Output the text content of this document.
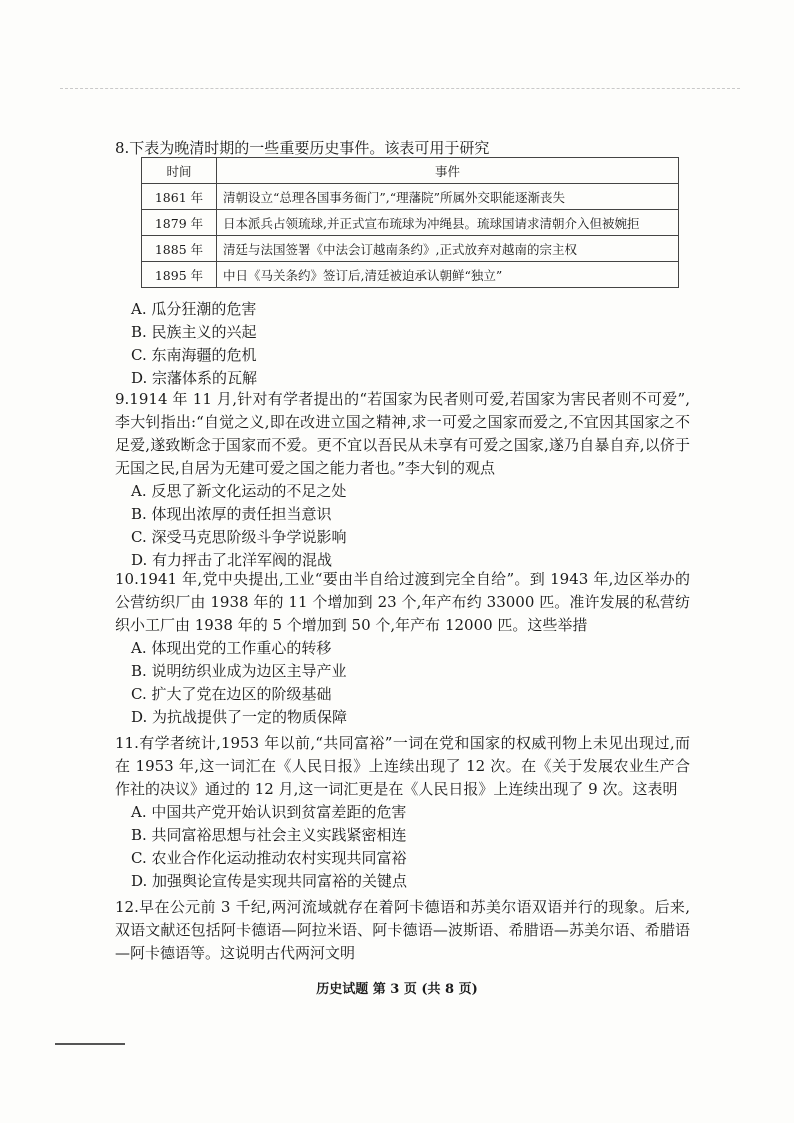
8.下表为晚清时期的一些重要历史事件。该表可用于研究

时间	事件
1861 年	清朝设立“总理各国事务衙门”,“理藩院”所属外交职能逐渐丧失
1879 年	日本派兵占领琉球,并正式宣布琉球为冲绳县。琉球国请求清朝介入但被婉拒
1885 年	清廷与法国签署《中法会订越南条约》,正式放弃对越南的宗主权
1895 年	中日《马关条约》签订后,清廷被迫承认朝鲜“独立”

A. 瓜分狂潮的危害

B. 民族主义的兴起

C. 东南海疆的危机

D. 宗藩体系的瓦解

9.1914 年 11 月,针对有学者提出的“若国家为民者则可爱,若国家为害民者则不可爱”,李大钊指出:“自觉之义,即在改进立国之精神,求一可爱之国家而爱之,不宜因其国家之不足爱,遂致断念于国家而不爱。更不宜以吾民从未享有可爱之国家,遂乃自暴自弃,以侪于无国之民,自居为无建可爱之国之能力者也。”李大钊的观点

A. 反思了新文化运动的不足之处

B. 体现出浓厚的责任担当意识

C. 深受马克思阶级斗争学说影响

D. 有力抨击了北洋军阀的混战

10.1941 年,党中央提出,工业“要由半自给过渡到完全自给”。到 1943 年,边区举办的公营纺织厂由 1938 年的 11 个增加到 23 个,年产布约 33000 匹。准许发展的私营纺织小工厂由 1938 年的 5 个增加到 50 个,年产布 12000 匹。这些举措

A. 体现出党的工作重心的转移

B. 说明纺织业成为边区主导产业

C. 扩大了党在边区的阶级基础

D. 为抗战提供了一定的物质保障

11.有学者统计,1953 年以前,“共同富裕”一词在党和国家的权威刊物上未见出现过,而在 1953 年,这一词汇在《人民日报》上连续出现了 12 次。在《关于发展农业生产合作社的决议》通过的 12 月,这一词汇更是在《人民日报》上连续出现了 9 次。这表明

A. 中国共产党开始认识到贫富差距的危害

B. 共同富裕思想与社会主义实践紧密相连

C. 农业合作化运动推动农村实现共同富裕

D. 加强舆论宣传是实现共同富裕的关键点

12.早在公元前 3 千纪,两河流域就存在着阿卡德语和苏美尔语双语并行的现象。后来,双语文献还包括阿卡德语—阿拉米语、阿卡德语—波斯语、希腊语—苏美尔语、希腊语—阿卡德语等。这说明古代两河文明

历史试题 第 3 页 (共 8 页)
